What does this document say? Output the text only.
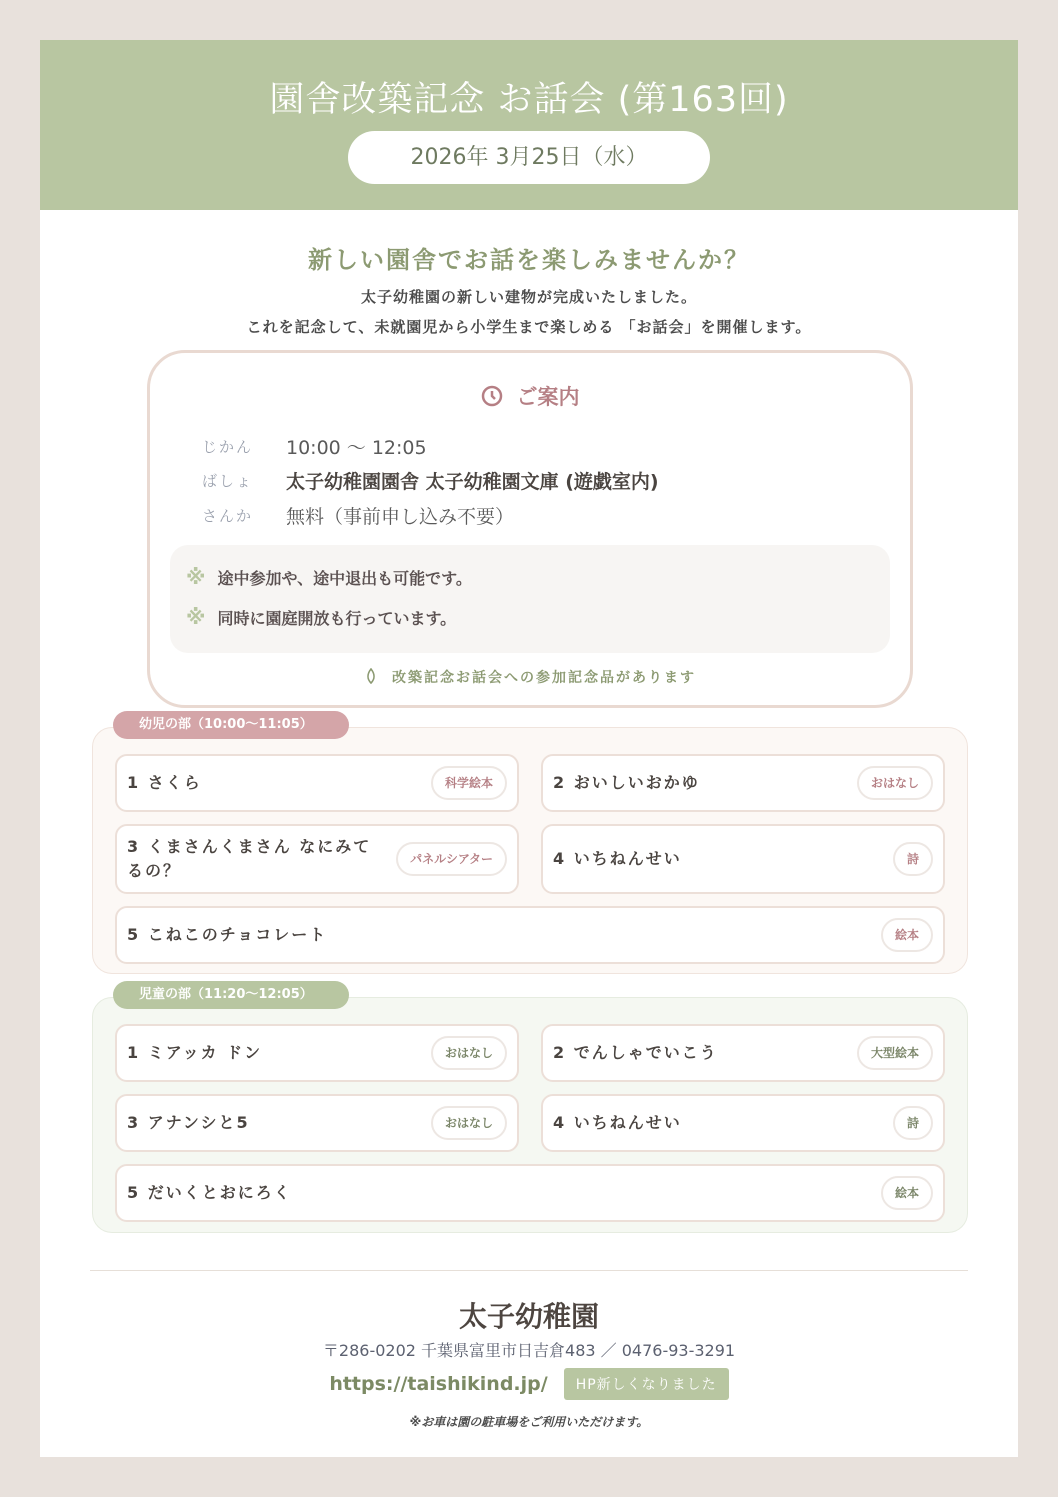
園舎改築記念 お話会 (第163回)
2026年 3月25日（水）
新しい園舎でお話を楽しみませんか？
太子幼稚園の新しい建物が完成いたしました。
これを記念して、未就園児から小学生まで楽しめる 「お話会」を開催します。
ご案内
じかん	10:00 ～ 12:05
ばしょ	太子幼稚園園舎 太子幼稚園文庫 (遊戯室内)
さんか	無料（事前申し込み不要）
※ 途中参加や、途中退出も可能です。
※ 同時に園庭開放も行っています。
改築記念お話会への参加記念品があります
幼児の部（10:00～11:05）
1 さくら	科学絵本	2 おいしいおかゆ	おはなし
3 くまさんくまさん なにみてるの？
パネルシアター	4 いちねんせい	詩
5 こねこのチョコレート	絵本
児童の部（11:20～12:05）
1 ミアッカ ドン	おはなし	2 でんしゃでいこう	大型絵本
3 アナンシと5	おはなし	4 いちねんせい	詩
5 だいくとおにろく	絵本
太子幼稚園
〒286-0202 千葉県富里市日吉倉483 ／ 0476-93-3291
https://taishikind.jp/	HP新しくなりました
※お車は園の駐車場をご利用いただけます。
